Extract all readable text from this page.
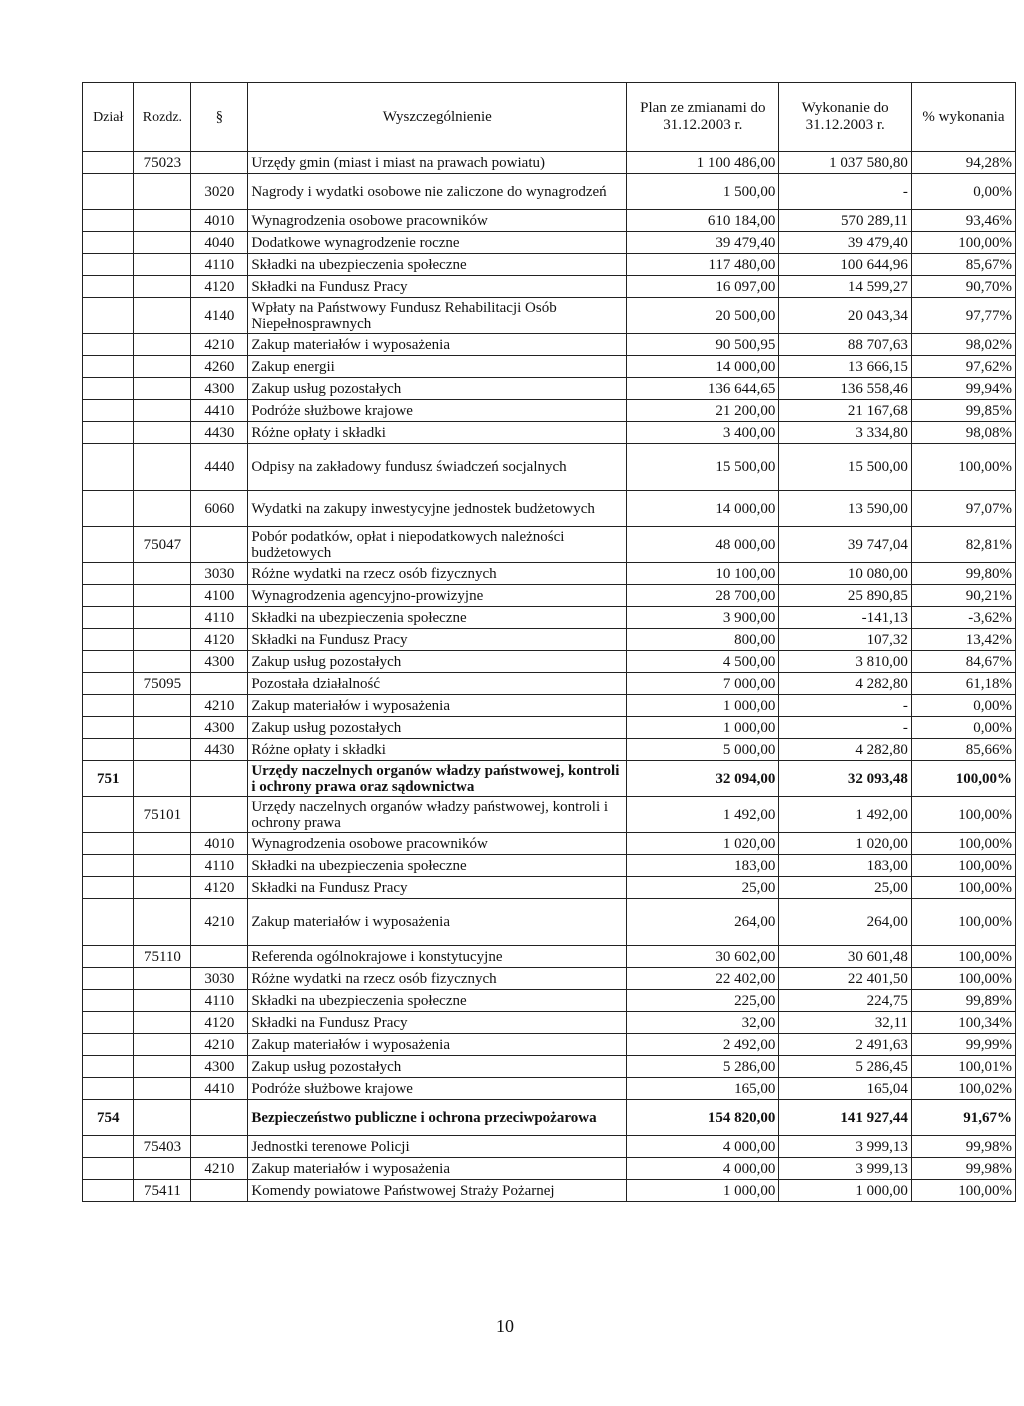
Dział	Rozdz.	§	Wyszczególnienie	Plan ze zmianami do 31.12.2003 r.	Wykonanie do 31.12.2003 r.	% wykonania
	75023		Urzędy gmin (miast i miast na prawach powiatu)	1 100 486,00	1 037 580,80	94,28%
		3020	Nagrody i wydatki osobowe nie zaliczone do wynagrodzeń	1 500,00	-	0,00%
		4010	Wynagrodzenia osobowe pracowników	610 184,00	570 289,11	93,46%
		4040	Dodatkowe wynagrodzenie roczne	39 479,40	39 479,40	100,00%
		4110	Składki na ubezpieczenia społeczne	117 480,00	100 644,96	85,67%
		4120	Składki na Fundusz Pracy	16 097,00	14 599,27	90,70%
		4140	Wpłaty na Państwowy Fundusz Rehabilitacji Osób Niepełnosprawnych	20 500,00	20 043,34	97,77%
		4210	Zakup materiałów i wyposażenia	90 500,95	88 707,63	98,02%
		4260	Zakup energii	14 000,00	13 666,15	97,62%
		4300	Zakup usług pozostałych	136 644,65	136 558,46	99,94%
		4410	Podróże służbowe krajowe	21 200,00	21 167,68	99,85%
		4430	Różne opłaty i składki	3 400,00	3 334,80	98,08%
		4440	Odpisy na zakładowy fundusz świadczeń socjalnych	15 500,00	15 500,00	100,00%
		6060	Wydatki na zakupy inwestycyjne jednostek budżetowych	14 000,00	13 590,00	97,07%
	75047		Pobór podatków, opłat i niepodatkowych należności budżetowych	48 000,00	39 747,04	82,81%
		3030	Różne wydatki na rzecz osób fizycznych	10 100,00	10 080,00	99,80%
		4100	Wynagrodzenia agencyjno-prowizyjne	28 700,00	25 890,85	90,21%
		4110	Składki na ubezpieczenia społeczne	3 900,00	-141,13	-3,62%
		4120	Składki na Fundusz Pracy	800,00	107,32	13,42%
		4300	Zakup usług pozostałych	4 500,00	3 810,00	84,67%
	75095		Pozostała działalność	7 000,00	4 282,80	61,18%
		4210	Zakup materiałów i wyposażenia	1 000,00	-	0,00%
		4300	Zakup usług pozostałych	1 000,00	-	0,00%
		4430	Różne opłaty i składki	5 000,00	4 282,80	85,66%
751			Urzędy naczelnych organów władzy państwowej, kontroli i ochrony prawa oraz sądownictwa	32 094,00	32 093,48	100,00%
	75101		Urzędy naczelnych organów władzy państwowej, kontroli i ochrony prawa	1 492,00	1 492,00	100,00%
		4010	Wynagrodzenia osobowe pracowników	1 020,00	1 020,00	100,00%
		4110	Składki na ubezpieczenia społeczne	183,00	183,00	100,00%
		4120	Składki na Fundusz Pracy	25,00	25,00	100,00%
		4210	Zakup materiałów i wyposażenia	264,00	264,00	100,00%
	75110		Referenda ogólnokrajowe i konstytucyjne	30 602,00	30 601,48	100,00%
		3030	Różne wydatki na rzecz osób fizycznych	22 402,00	22 401,50	100,00%
		4110	Składki na ubezpieczenia społeczne	225,00	224,75	99,89%
		4120	Składki na Fundusz Pracy	32,00	32,11	100,34%
		4210	Zakup materiałów i wyposażenia	2 492,00	2 491,63	99,99%
		4300	Zakup usług pozostałych	5 286,00	5 286,45	100,01%
		4410	Podróże służbowe krajowe	165,00	165,04	100,02%
754			Bezpieczeństwo publiczne i ochrona przeciwpożarowa	154 820,00	141 927,44	91,67%
	75403		Jednostki terenowe Policji	4 000,00	3 999,13	99,98%
		4210	Zakup materiałów i wyposażenia	4 000,00	3 999,13	99,98%
	75411		Komendy powiatowe Państwowej Straży Pożarnej	1 000,00	1 000,00	100,00%
10
